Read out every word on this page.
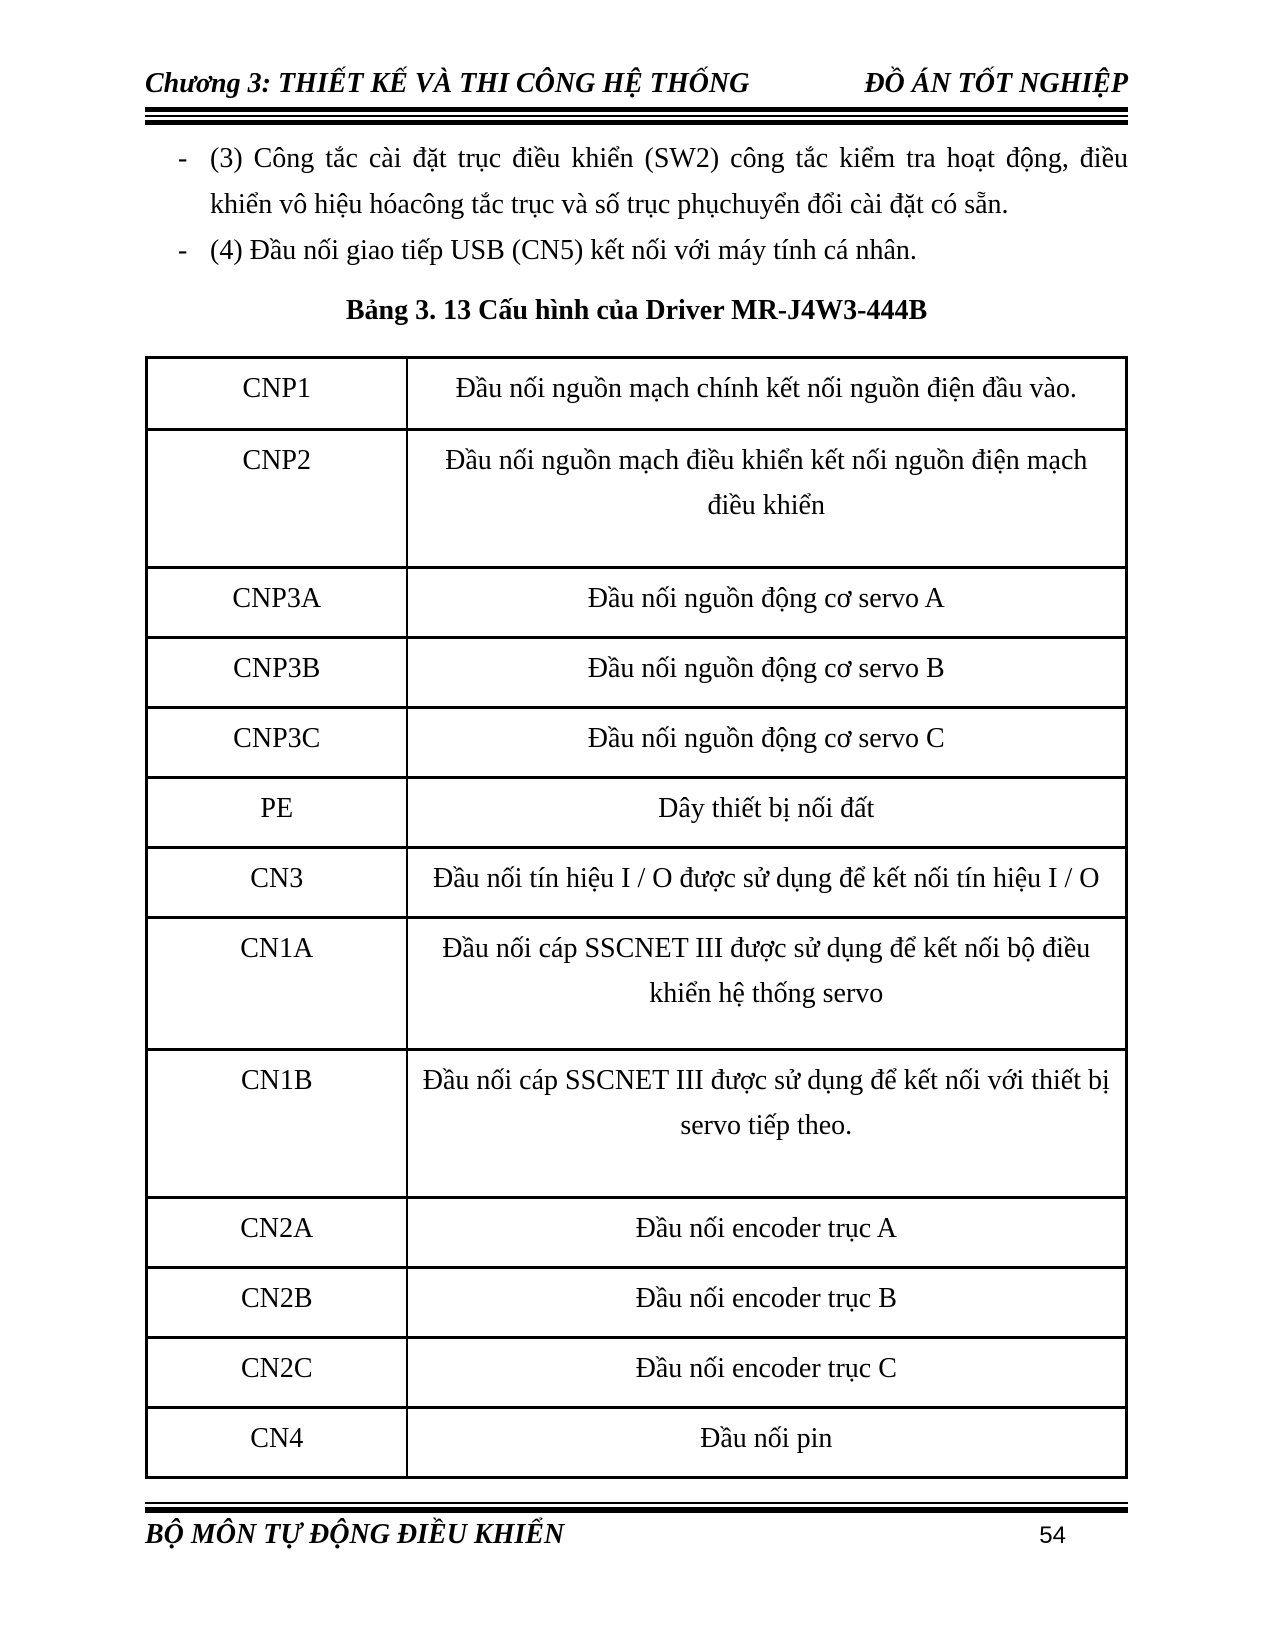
Chương 3: THIẾT KẾ VÀ THI CÔNG HỆ THỐNG	ĐỒ ÁN TỐT NGHIỆP
- (3) Công tắc cài đặt trục điều khiển (SW2) công tắc kiểm tra hoạt động, điều khiển vô hiệu hóacông tắc trục và số trục phụchuyển đổi cài đặt có sẵn.
- (4) Đầu nối giao tiếp USB (CN5) kết nối với máy tính cá nhân.
Bảng 3. 13 Cấu hình của Driver MR-J4W3-444B
CNP1	Đầu nối nguồn mạch chính kết nối nguồn điện đầu vào.
CNP2	Đầu nối nguồn mạch điều khiển kết nối nguồn điện mạch điều khiển
CNP3A	Đầu nối nguồn động cơ servo A
CNP3B	Đầu nối nguồn động cơ servo B
CNP3C	Đầu nối nguồn động cơ servo C
PE	Dây thiết bị nối đất
CN3	Đầu nối tín hiệu I / O được sử dụng để kết nối tín hiệu I / O
CN1A	Đầu nối cáp SSCNET III được sử dụng để kết nối bộ điều khiển hệ thống servo
CN1B	Đầu nối cáp SSCNET III được sử dụng để kết nối với thiết bị servo tiếp theo.
CN2A	Đầu nối encoder trục A
CN2B	Đầu nối encoder trục B
CN2C	Đầu nối encoder trục C
CN4	Đầu nối pin
BỘ MÔN TỰ ĐỘNG ĐIỀU KHIỂN	54
